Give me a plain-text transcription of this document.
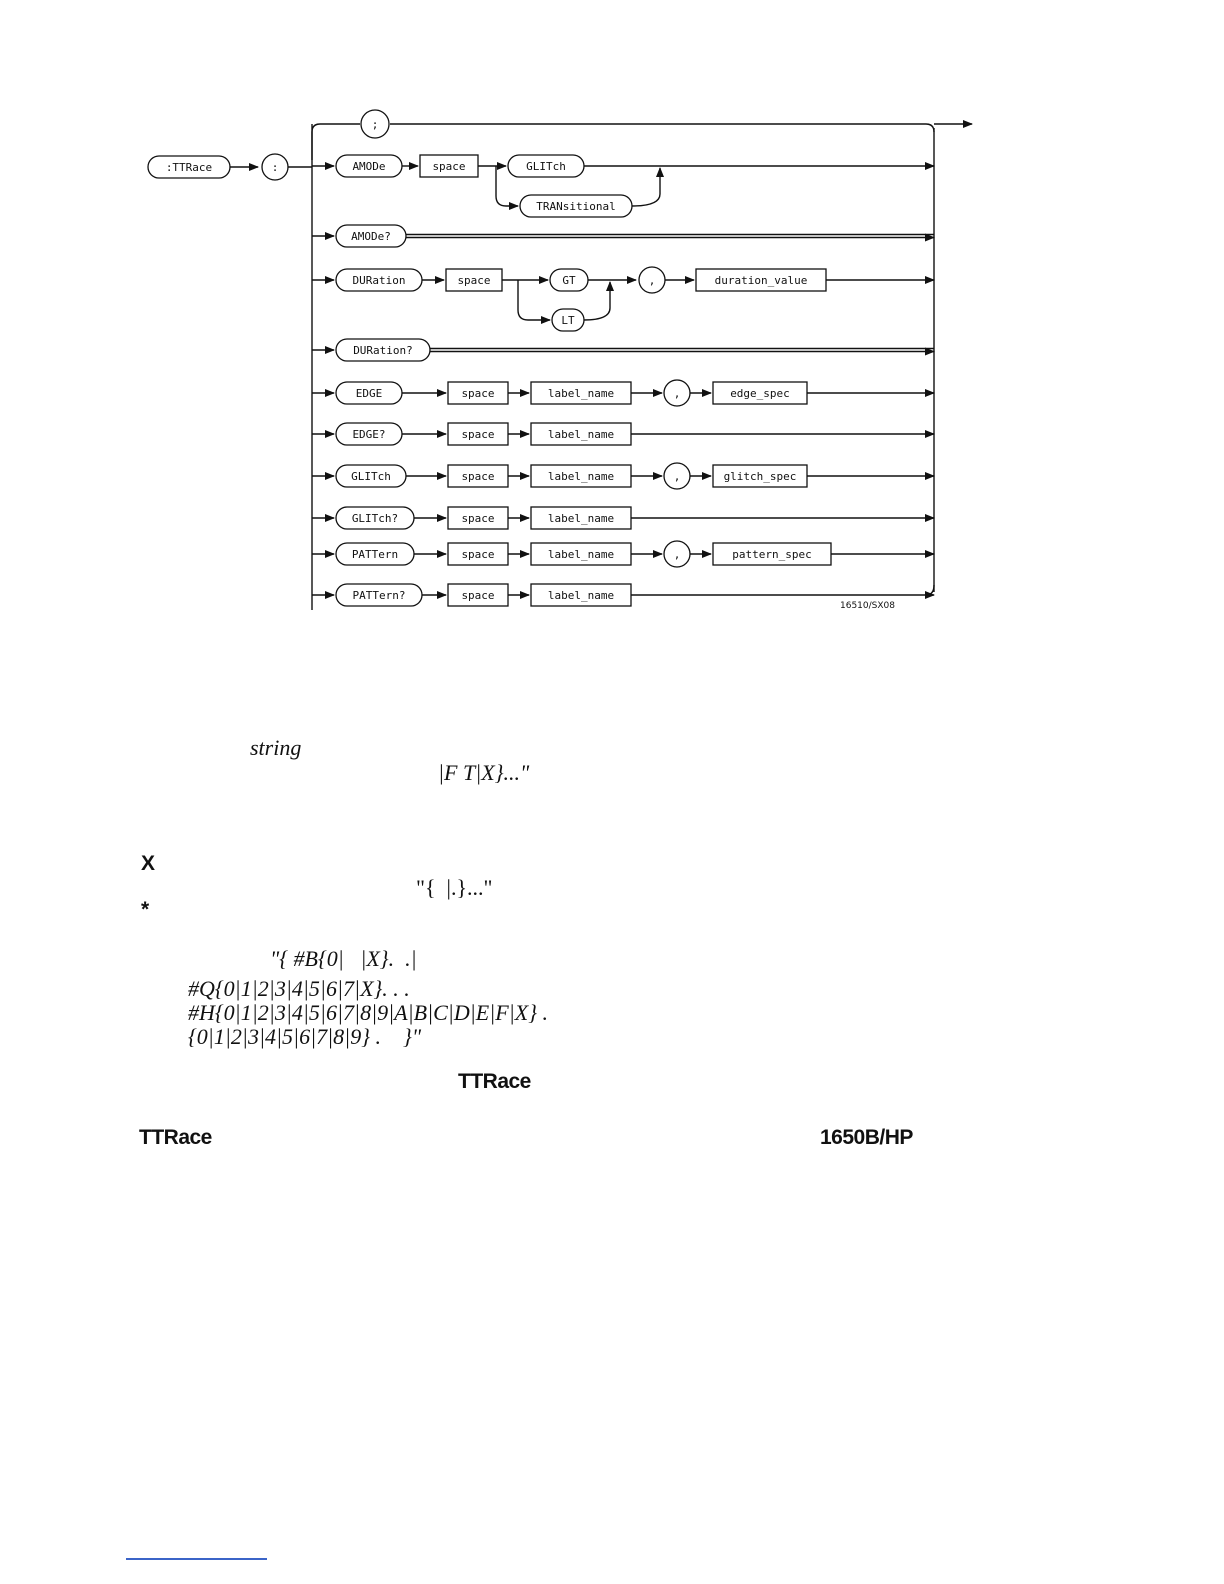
;
:TTRace	:	AMODe	space	GLITch
TRANsitional
AMODe?
DURation	space	GT	,	duration_value
LT
DURation?
EDGE	space	label_name	,	edge_spec
EDGE?	space	label_name
GLITch	space	label_name	,	glitch_spec
GLITch?	space	label_name
PATTern	space	label_name	,	pattern_spec
PATTern?	space	label_name
16510/SX08
string
|F T|X}..."
X
"{  |.}..."
*
"{ #B{0|   |X}.  .|
#Q{0|1|2|3|4|5|6|7|X}. . .
#H{0|1|2|3|4|5|6|7|8|9|A|B|C|D|E|F|X} .
{0|1|2|3|4|5|6|7|8|9} .    }"
TTRace
TTRace	1650B/HP
